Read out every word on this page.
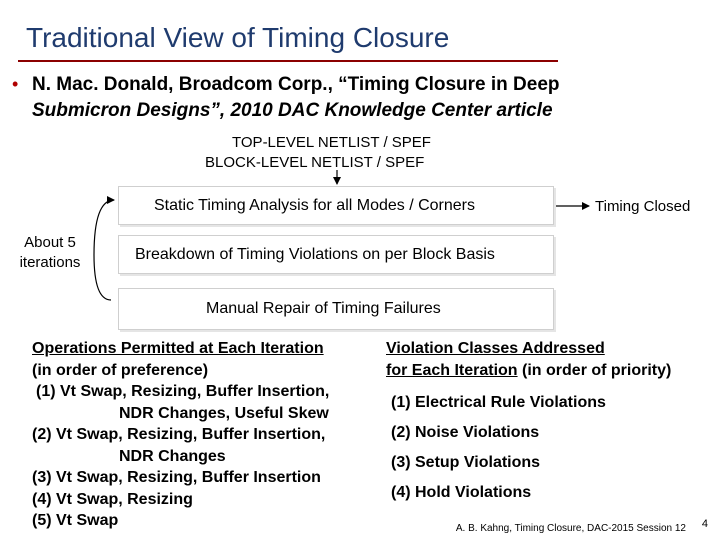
Traditional View of Timing Closure
• N. Mac. Donald, Broadcom Corp., “Timing Closure in Deep
Submicron Designs”, 2010 DAC Knowledge Center article
TOP-LEVEL NETLIST / SPEF
BLOCK-LEVEL NETLIST / SPEF
Static Timing Analysis for all Modes / Corners	Timing Closed
Breakdown of Timing Violations on per Block Basis
Manual Repair of Timing Failures
About 5
iterations
Operations Permitted at Each Iteration
(in order of preference)
(1) Vt Swap, Resizing, Buffer Insertion,
NDR Changes, Useful Skew
(2) Vt Swap, Resizing, Buffer Insertion,
NDR Changes
(3) Vt Swap, Resizing, Buffer Insertion
(4) Vt Swap, Resizing
(5) Vt Swap
Violation Classes Addressed
for Each Iteration (in order of priority)
(1) Electrical Rule Violations
(2) Noise Violations
(3) Setup Violations
(4) Hold Violations
A. B. Kahng, Timing Closure, DAC-2015 Session 12 4
